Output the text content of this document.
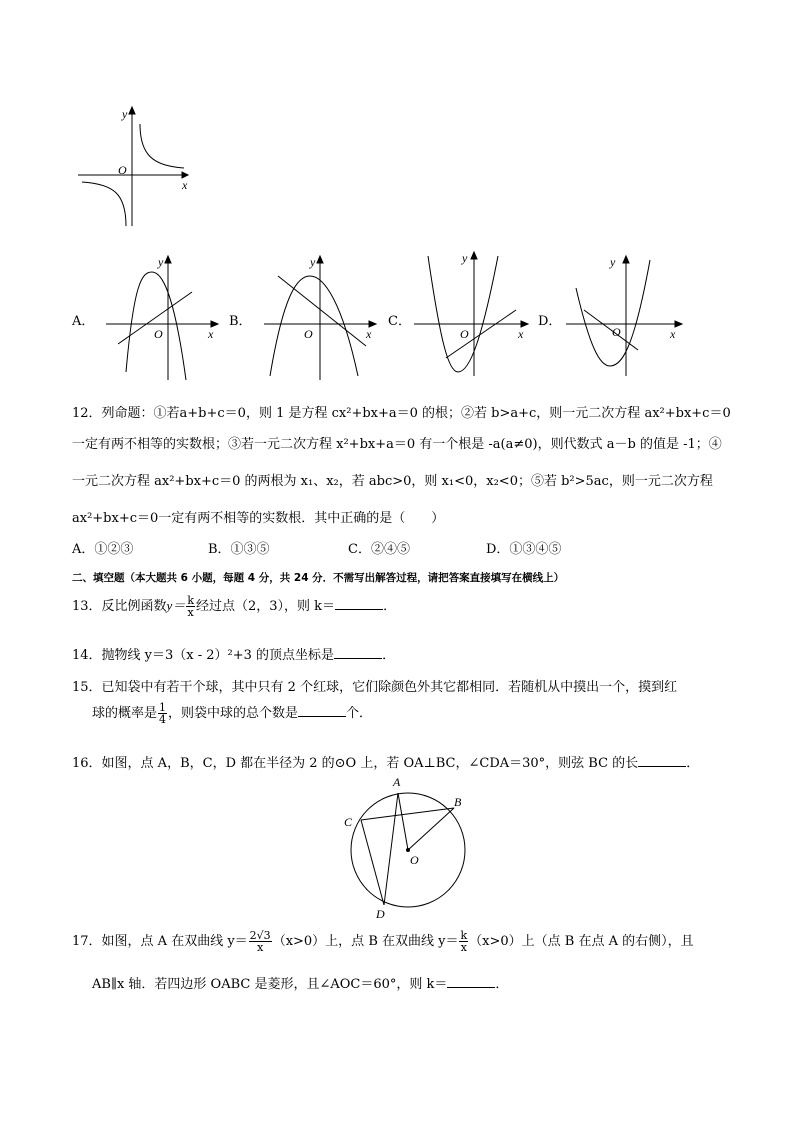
y
x
O
A．
y
x
O
B．
y
x
O
C．
y
x
O
D．
y
x
O
12．列命题：①若a+b+c＝0，则 1 是方程 cx²+bx+a＝0 的根；②若 b>a+c，则一元二次方程 ax²+bx+c＝0
一定有两不相等的实数根；③若一元二次方程 x²+bx+a＝0 有一个根是 -a(a≠0)，则代数式 a－b 的值是 -1；④
一元二次方程 ax²+bx+c＝0 的两根为 x₁、x₂，若 abc>0，则 x₁<0，x₂<0；⑤若 b²>5ac，则一元二次方程
ax²+bx+c＝0一定有两不相等的实数根．其中正确的是（　　）
A．①②③	B．①③⑤	C．②④⑤	D．①③④⑤
二、填空题（本大题共 6 小题，每题 4 分，共 24 分．不需写出解答过程，请把答案直接填写在横线上）
13．反比例函数$y= \frac{k}{x}$ 经过点（2，3），则 k＝	．
14．抛物线 y＝3（x - 2）²+3 的顶点坐标是	．
15．已知袋中有若干个球，其中只有 2 个红球，它们除颜色外其它都相同．若随机从中摸出一个，摸到红
球的概率是 $\frac{1}{4}$ ，则袋中球的总个数是	个．
16．如图，点 A，B，C，D 都在半径为 2 的⊙O 上，若 OA⊥BC，∠CDA＝30°，则弦 BC 的长	．
A
B
C
D
O
17．如图，点 A 在双曲线 $y= \frac{2√3}{x} (x>0)$上，点 B 在双曲线 $y= \frac{k}{x} (x>0)$上（点 B 在点 A 的右侧），且
AB∥x 轴．若四边形 OABC 是菱形，且∠AOC＝60°，则 k＝	．
